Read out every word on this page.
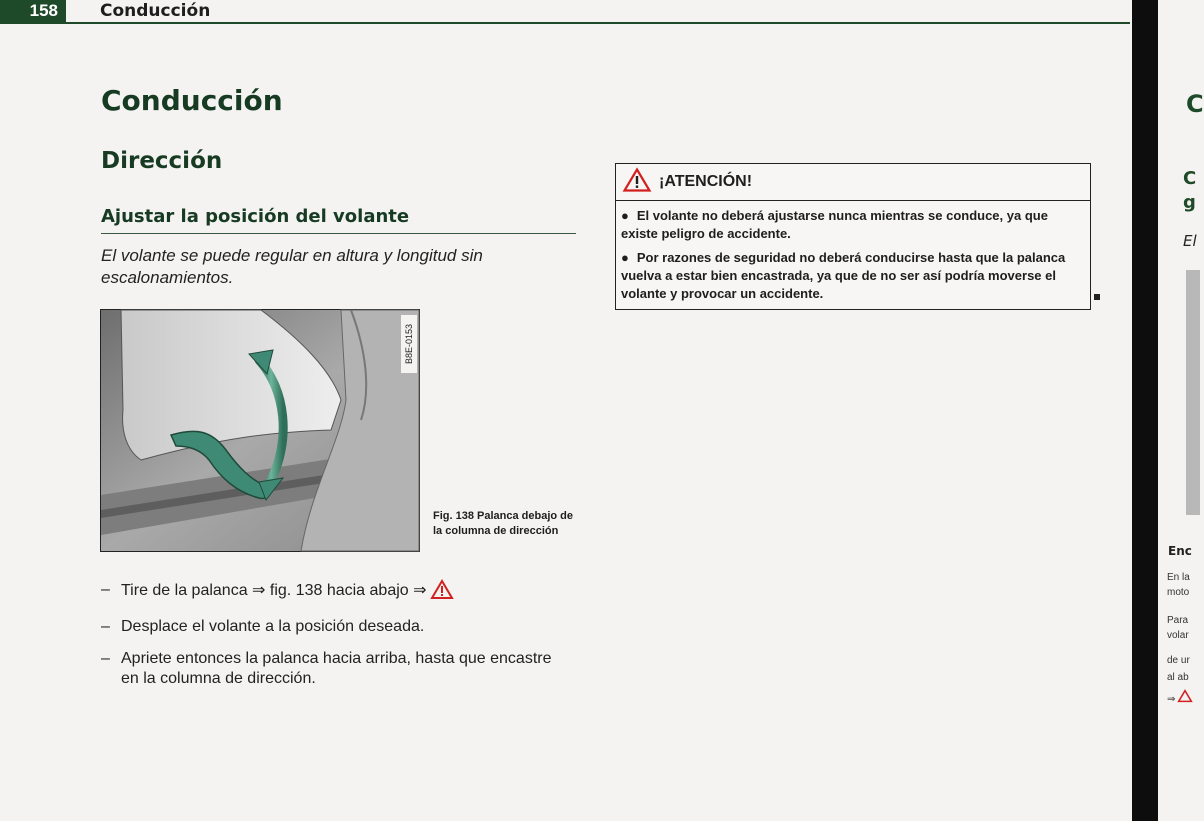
158	Conducción
Conducción
Dirección
Ajustar la posición del volante
El volante se puede regular en altura y longitud sin escalonamientos.
B8E-0153
Fig. 138 Palanca debajo de la columna de dirección
– Tire de la palanca ⇒ fig. 138 hacia abajo ⇒
– Desplace el volante a la posición deseada.
– Apriete entonces la palanca hacia arriba, hasta que encastre en la columna de dirección.
¡ATENCIÓN!
● El volante no deberá ajustarse nunca mientras se conduce, ya que existe peligro de accidente.
● Por razones de seguridad no deberá conducirse hasta que la palanca vuelva a estar bien encastrada, ya que de no ser así podría moverse el volante y provocar un accidente.
C
C
g
El
Enc
En la
moto
Para
volar
de ur
al ab
⇒
